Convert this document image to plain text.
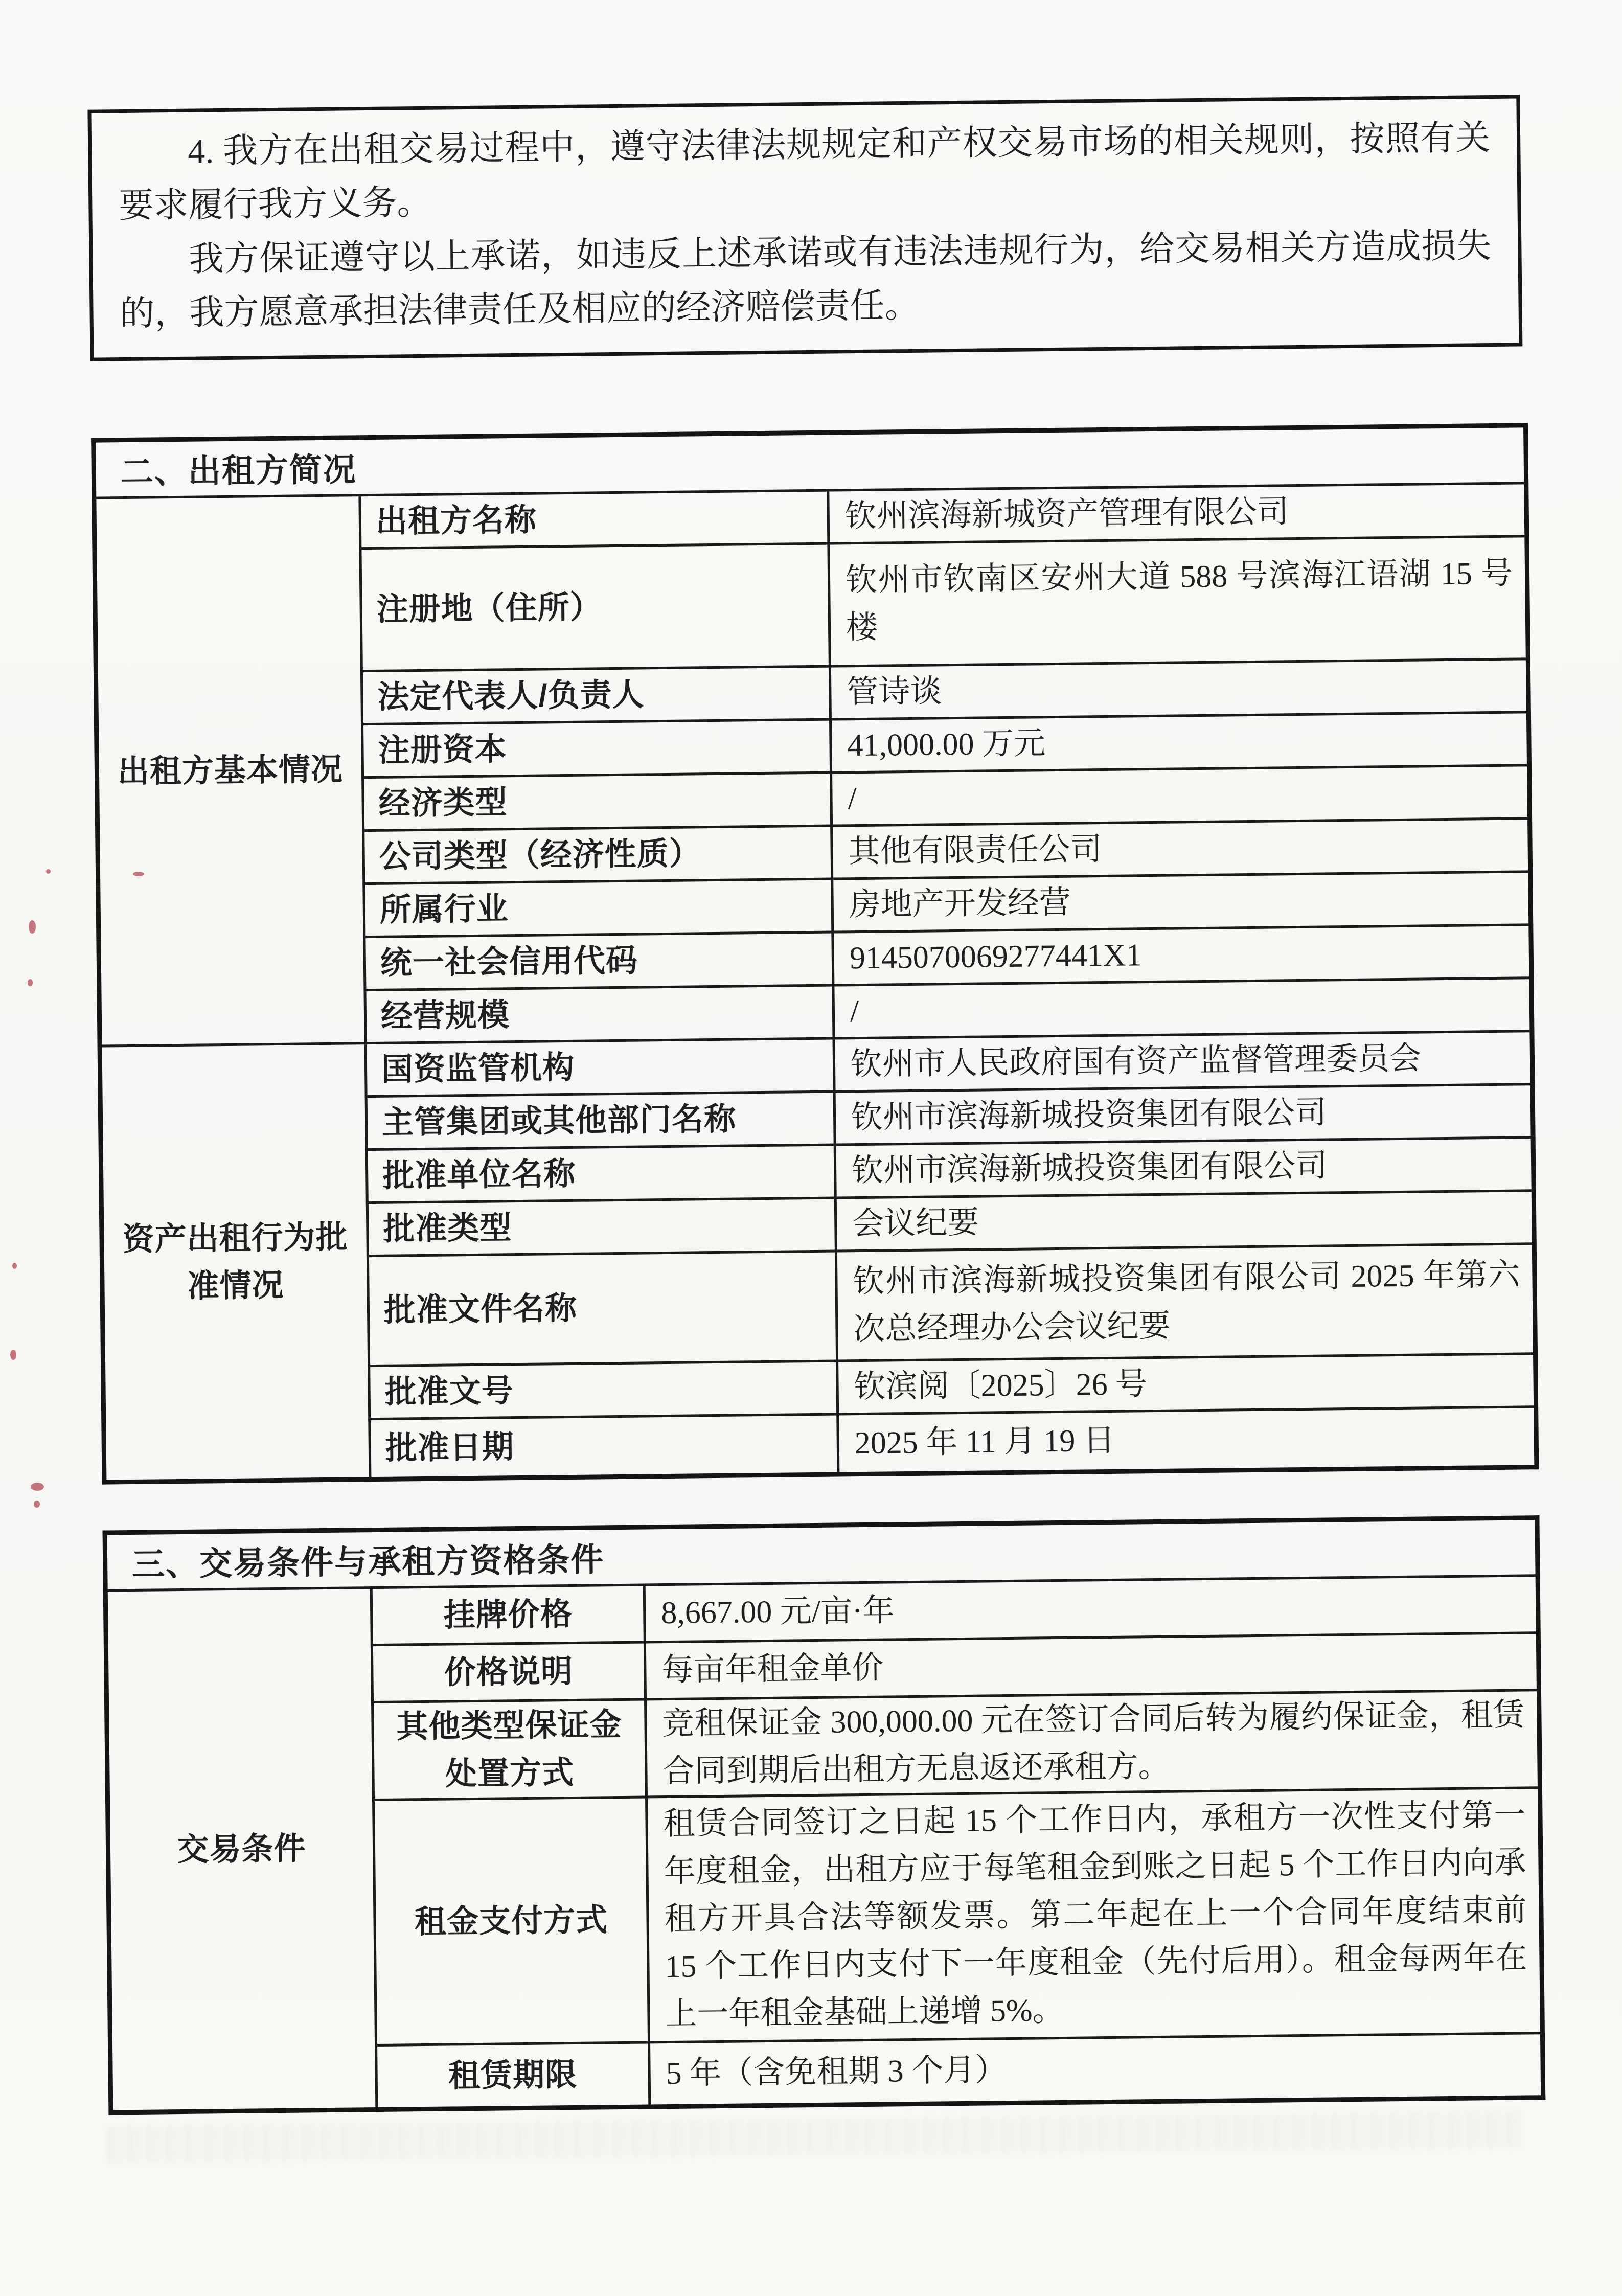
4. 我方在出租交易过程中，遵守法律法规规定和产权交易市场的相关规则，按照有关要求履行我方义务。

我方保证遵守以上承诺，如违反上述承诺或有违法违规行为，给交易相关方造成损失的，我方愿意承担法律责任及相应的经济赔偿责任。

二、出租方简况		
出租方基本情况	出租方名称	钦州滨海新城资产管理有限公司
	注册地（住所）	钦州市钦南区安州大道 588 号滨海江语湖 15 号楼
	法定代表人/负责人	管诗谈
	注册资本	41,000.00 万元
	经济类型	/
	公司类型（经济性质）	其他有限责任公司
	所属行业	房地产开发经营
	统一社会信用代码	9145070069277441X1
	经营规模	/
资产出租行为批准情况	国资监管机构	钦州市人民政府国有资产监督管理委员会
	主管集团或其他部门名称	钦州市滨海新城投资集团有限公司
	批准单位名称	钦州市滨海新城投资集团有限公司
	批准类型	会议纪要
	批准文件名称	钦州市滨海新城投资集团有限公司 2025 年第六次总经理办公会议纪要
	批准文号	钦滨阅〔2025〕26 号
	批准日期	2025 年 11 月 19 日
三、交易条件与承租方资格条件		
交易条件	挂牌价格	8,667.00 元/亩·年
	价格说明	每亩年租金单价
	其他类型保证金处置方式	竞租保证金 300,000.00 元在签订合同后转为履约保证金，租赁合同到期后出租方无息返还承租方。
	租金支付方式	租赁合同签订之日起 15 个工作日内，承租方一次性支付第一年度租金，出租方应于每笔租金到账之日起 5 个工作日内向承租方开具合法等额发票。第二年起在上一个合同年度结束前 15 个工作日内支付下一年度租金（先付后用）。租金每两年在上一年租金基础上递增 5%。
	租赁期限	5 年（含免租期 3 个月）
